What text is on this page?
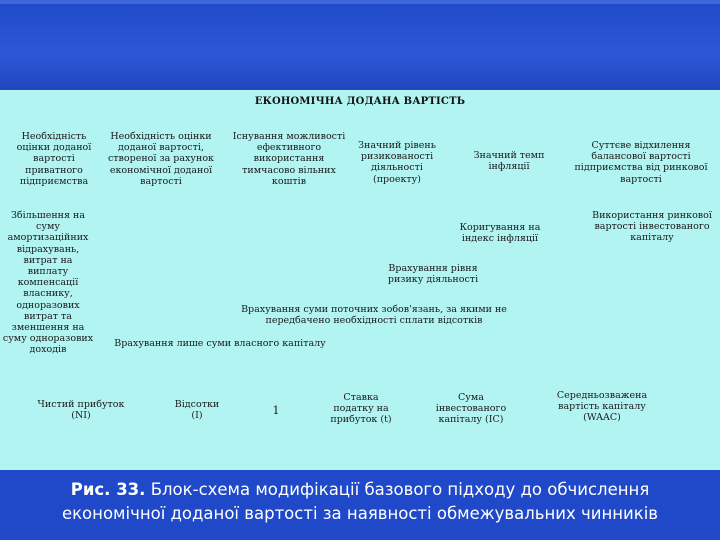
ЕКОНОМІЧНА ДОДАНА ВАРТІСТЬ
Необхідність оцінки доданої вартості приватного підприємства
Необхідність оцінки доданої вартості, створеної за рахунок економічної доданої вартості
Існування можливості ефективного використання тимчасово вільних коштів
Значний рівень ризикованості діяльності (проекту)
Значний темп інфляції
Суттєве відхилення балансової вартості підприємства від ринкової вартості
Збільшення на суму амортизаційних відрахувань, витрат на виплату компенсації власнику, одноразових витрат та зменшення на суму одноразових доходів
Коригування на індекс інфляції
Використання ринкової вартості інвестованого капіталу
Врахування рівня ризику діяльності
Врахування суми поточних зобов'язань, за якими не передбачено необхідності сплати відсотків
Врахування лише суми власного капіталу
Чистий прибуток (NI)
Відсотки (I)	1
Ставка податку на прибуток (t)
Сума інвестованого капіталу (IC)
Середньозважена вартість капіталу (WAAC)
Рис. 33. Блок-схема модифікації базового підходу до обчислення економічної доданої вартості за наявності обмежувальних чинників
